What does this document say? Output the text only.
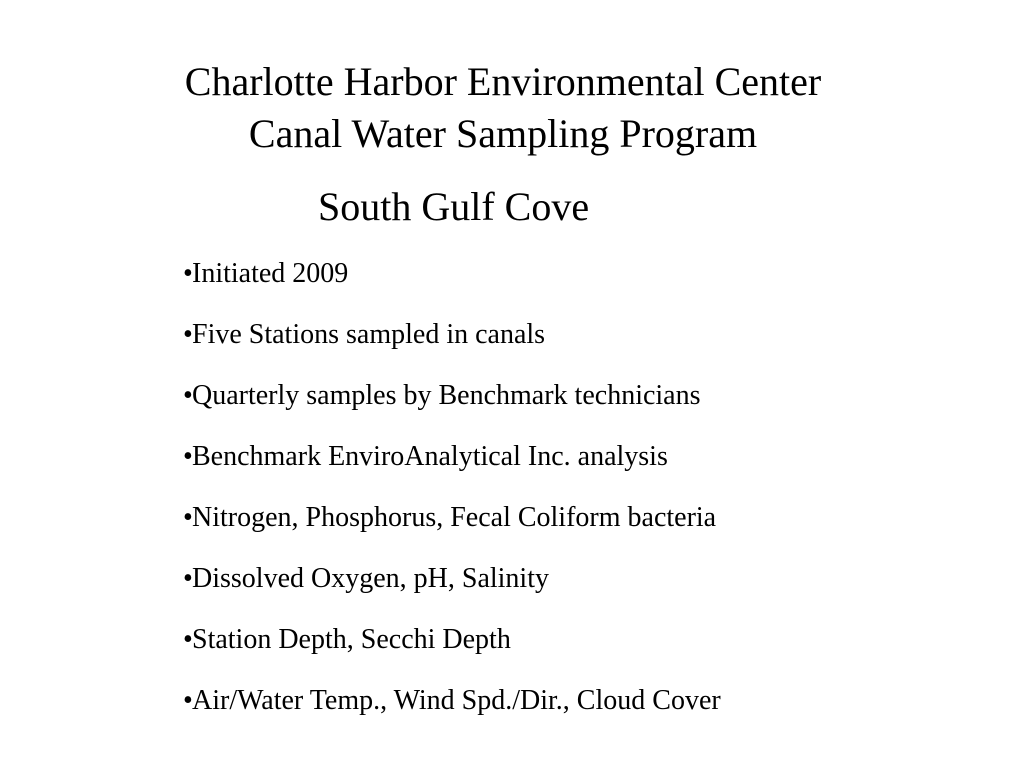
Charlotte Harbor Environmental Center
Canal Water Sampling Program
South Gulf Cove
•Initiated 2009
•Five Stations sampled in canals
•Quarterly samples by Benchmark technicians
•Benchmark EnviroAnalytical Inc. analysis
•Nitrogen, Phosphorus, Fecal Coliform bacteria
•Dissolved Oxygen, pH, Salinity
•Station Depth, Secchi Depth
•Air/Water Temp., Wind Spd./Dir., Cloud Cover
